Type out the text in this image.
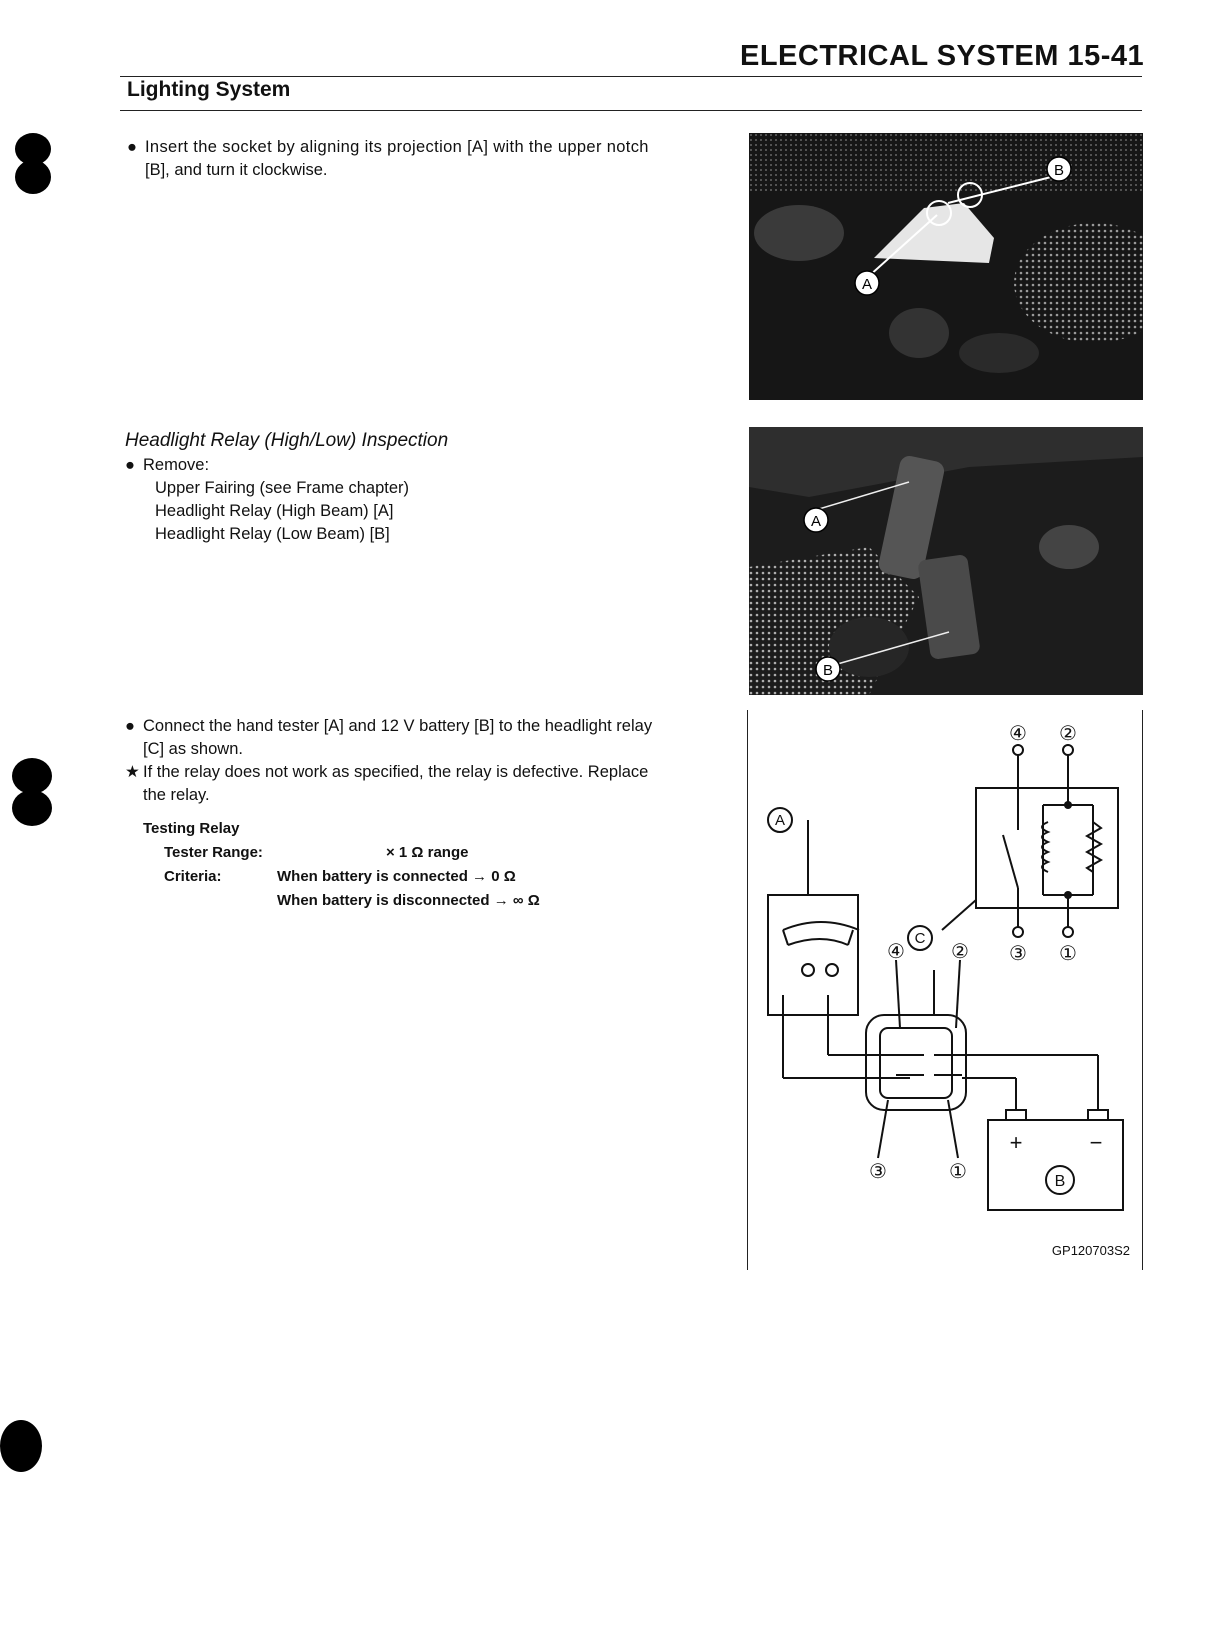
ELECTRICAL SYSTEM 15-41
Lighting System
● Insert the socket by aligning its projection [A] with the upper notch
[B], and turn it clockwise.
Headlight Relay (High/Low) Inspection
● Remove:
Upper Fairing (see Frame chapter)
Headlight Relay (High Beam) [A]
Headlight Relay (Low Beam) [B]
● Connect the hand tester [A] and 12 V battery [B] to the headlight relay
[C] as shown.
★ If the relay does not work as specified, the relay is defective. Replace
the relay.
Testing Relay
Tester Range:	× 1 Ω range
Criteria:	When battery is connected → 0 Ω
When battery is disconnected → ∞ Ω
A
B
A
B
④ ②
③ ①
④ ②
③	①
+	−
A
C
B
GP120703S2
